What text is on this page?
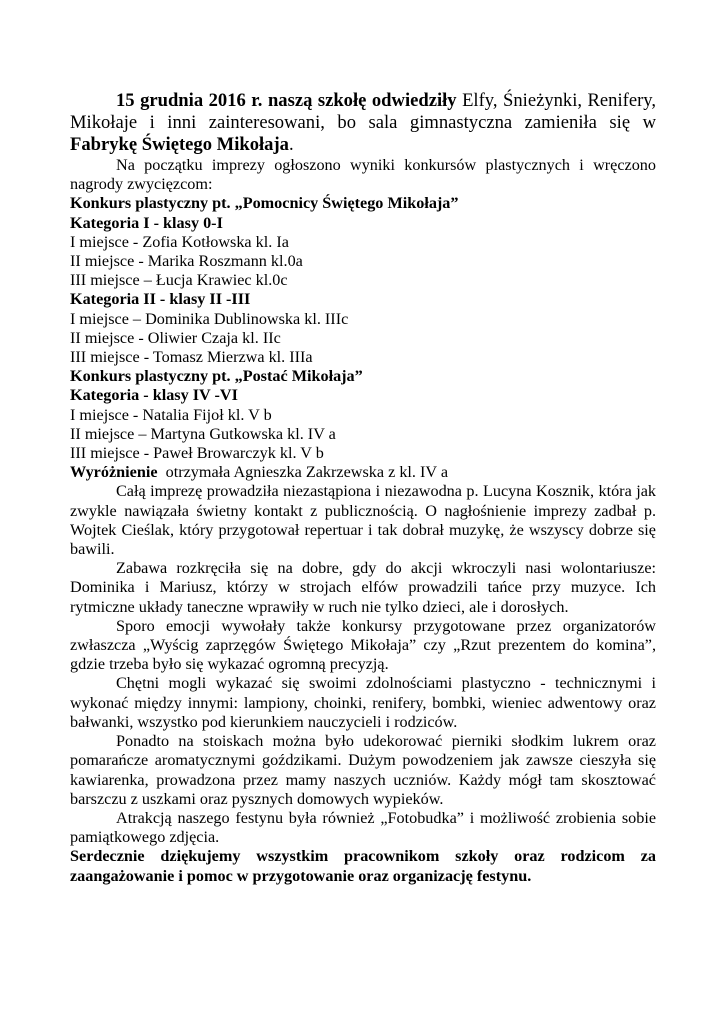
15 grudnia 2016 r. naszą szkołę odwiedziły Elfy, Śnieżynki, Renifery, Mikołaje i inni zainteresowani, bo sala gimnastyczna zamieniła się w Fabrykę Świętego Mikołaja.

Na początku imprezy ogłoszono wyniki konkursów plastycznych i wręczono nagrody zwycięzcom:

Konkurs plastyczny pt. „Pomocnicy Świętego Mikołaja”

Kategoria I - klasy 0-I

I miejsce - Zofia Kotłowska kl. Ia

II miejsce - Marika Roszmann kl.0a

III miejsce – Łucja Krawiec kl.0c

Kategoria II - klasy II -III

I miejsce – Dominika Dublinowska kl. IIIc

II miejsce - Oliwier Czaja kl. IIc

III miejsce - Tomasz Mierzwa kl. IIIa

Konkurs plastyczny pt. „Postać Mikołaja”

Kategoria - klasy IV -VI

I miejsce - Natalia Fijoł kl. V b

II miejsce – Martyna Gutkowska kl. IV a

III miejsce - Paweł Browarczyk kl. V b

Wyróżnienie  otrzymała Agnieszka Zakrzewska z kl. IV a

Całą imprezę prowadziła niezastąpiona i niezawodna p. Lucyna Kosznik, która jak zwykle nawiązała świetny kontakt z publicznością. O nagłośnienie imprezy zadbał p. Wojtek Cieślak, który przygotował repertuar i tak dobrał muzykę, że wszyscy dobrze się bawili.

Zabawa rozkręciła się na dobre, gdy do akcji wkroczyli nasi wolontariusze: Dominika i Mariusz, którzy w strojach elfów prowadzili tańce przy muzyce. Ich rytmiczne układy taneczne wprawiły w ruch nie tylko dzieci, ale i dorosłych.

Sporo emocji wywołały także konkursy przygotowane przez organizatorów zwłaszcza „Wyścig zaprzęgów Świętego Mikołaja” czy „Rzut prezentem do komina”, gdzie trzeba było się wykazać ogromną precyzją.

Chętni mogli wykazać się swoimi zdolnościami plastyczno - technicznymi i wykonać między innymi: lampiony, choinki, renifery, bombki, wieniec adwentowy oraz bałwanki, wszystko pod kierunkiem nauczycieli i rodziców.

Ponadto na stoiskach można było udekorować pierniki słodkim lukrem oraz pomarańcze aromatycznymi goździkami. Dużym powodzeniem jak zawsze cieszyła się kawiarenka, prowadzona przez mamy naszych uczniów. Każdy mógł tam skosztować barszczu z uszkami oraz pysznych domowych wypieków.

Atrakcją naszego festynu była również „Fotobudka” i możliwość zrobienia sobie pamiątkowego zdjęcia.

Serdecznie dziękujemy wszystkim pracownikom szkoły oraz rodzicom za zaangażowanie i pomoc w przygotowanie oraz organizację festynu.
